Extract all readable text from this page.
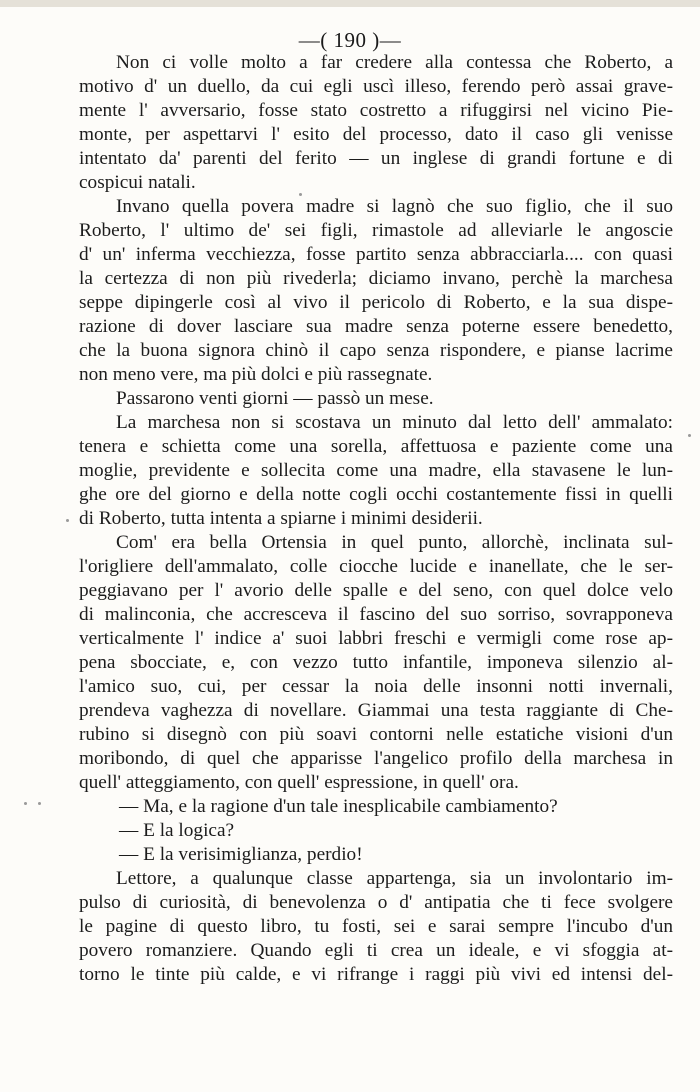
—( 190 )—
Non ci volle molto a far credere alla contessa che Roberto, a
motivo d' un duello, da cui egli uscì illeso, ferendo però assai grave-
mente l' avversario, fosse stato costretto a rifuggirsi nel vicino Pie-
monte, per aspettarvi l' esito del processo, dato il caso gli venisse
intentato da' parenti del ferito — un inglese di grandi fortune e di
cospicui natali.
Invano quella povera madre si lagnò che suo figlio, che il suo
Roberto, l' ultimo de' sei figli, rimastole ad alleviarle le angoscie
d' un' inferma vecchiezza, fosse partito senza abbracciarla.... con quasi
la certezza di non più rivederla; diciamo invano, perchè la marchesa
seppe dipingerle così al vivo il pericolo di Roberto, e la sua dispe-
razione di dover lasciare sua madre senza poterne essere benedetto,
che la buona signora chinò il capo senza rispondere, e pianse lacrime
non meno vere, ma più dolci e più rassegnate.
Passarono venti giorni — passò un mese.
La marchesa non si scostava un minuto dal letto dell' ammalato:
tenera e schietta come una sorella, affettuosa e paziente come una
moglie, previdente e sollecita come una madre, ella stavasene le lun-
ghe ore del giorno e della notte cogli occhi costantemente fissi in quelli
di Roberto, tutta intenta a spiarne i minimi desiderii.
Com' era bella Ortensia in quel punto, allorchè, inclinata sul-
l'origliere dell'ammalato, colle ciocche lucide e inanellate, che le ser-
peggiavano per l' avorio delle spalle e del seno, con quel dolce velo
di malinconia, che accresceva il fascino del suo sorriso, sovrapponeva
verticalmente l' indice a' suoi labbri freschi e vermigli come rose ap-
pena sbocciate, e, con vezzo tutto infantile, imponeva silenzio al-
l'amico suo, cui, per cessar la noia delle insonni notti invernali,
prendeva vaghezza di novellare. Giammai una testa raggiante di Che-
rubino si disegnò con più soavi contorni nelle estatiche visioni d'un
moribondo, di quel che apparisse l'angelico profilo della marchesa in
quell' atteggiamento, con quell' espressione, in quell' ora.
— Ma, e la ragione d'un tale inesplicabile cambiamento?
— E la logica?
— E la verisimiglianza, perdio!
Lettore, a qualunque classe appartenga, sia un involontario im-
pulso di curiosità, di benevolenza o d' antipatia che ti fece svolgere
le pagine di questo libro, tu fosti, sei e sarai sempre l'incubo d'un
povero romanziere. Quando egli ti crea un ideale, e vi sfoggia at-
torno le tinte più calde, e vi rifrange i raggi più vivi ed intensi del-
